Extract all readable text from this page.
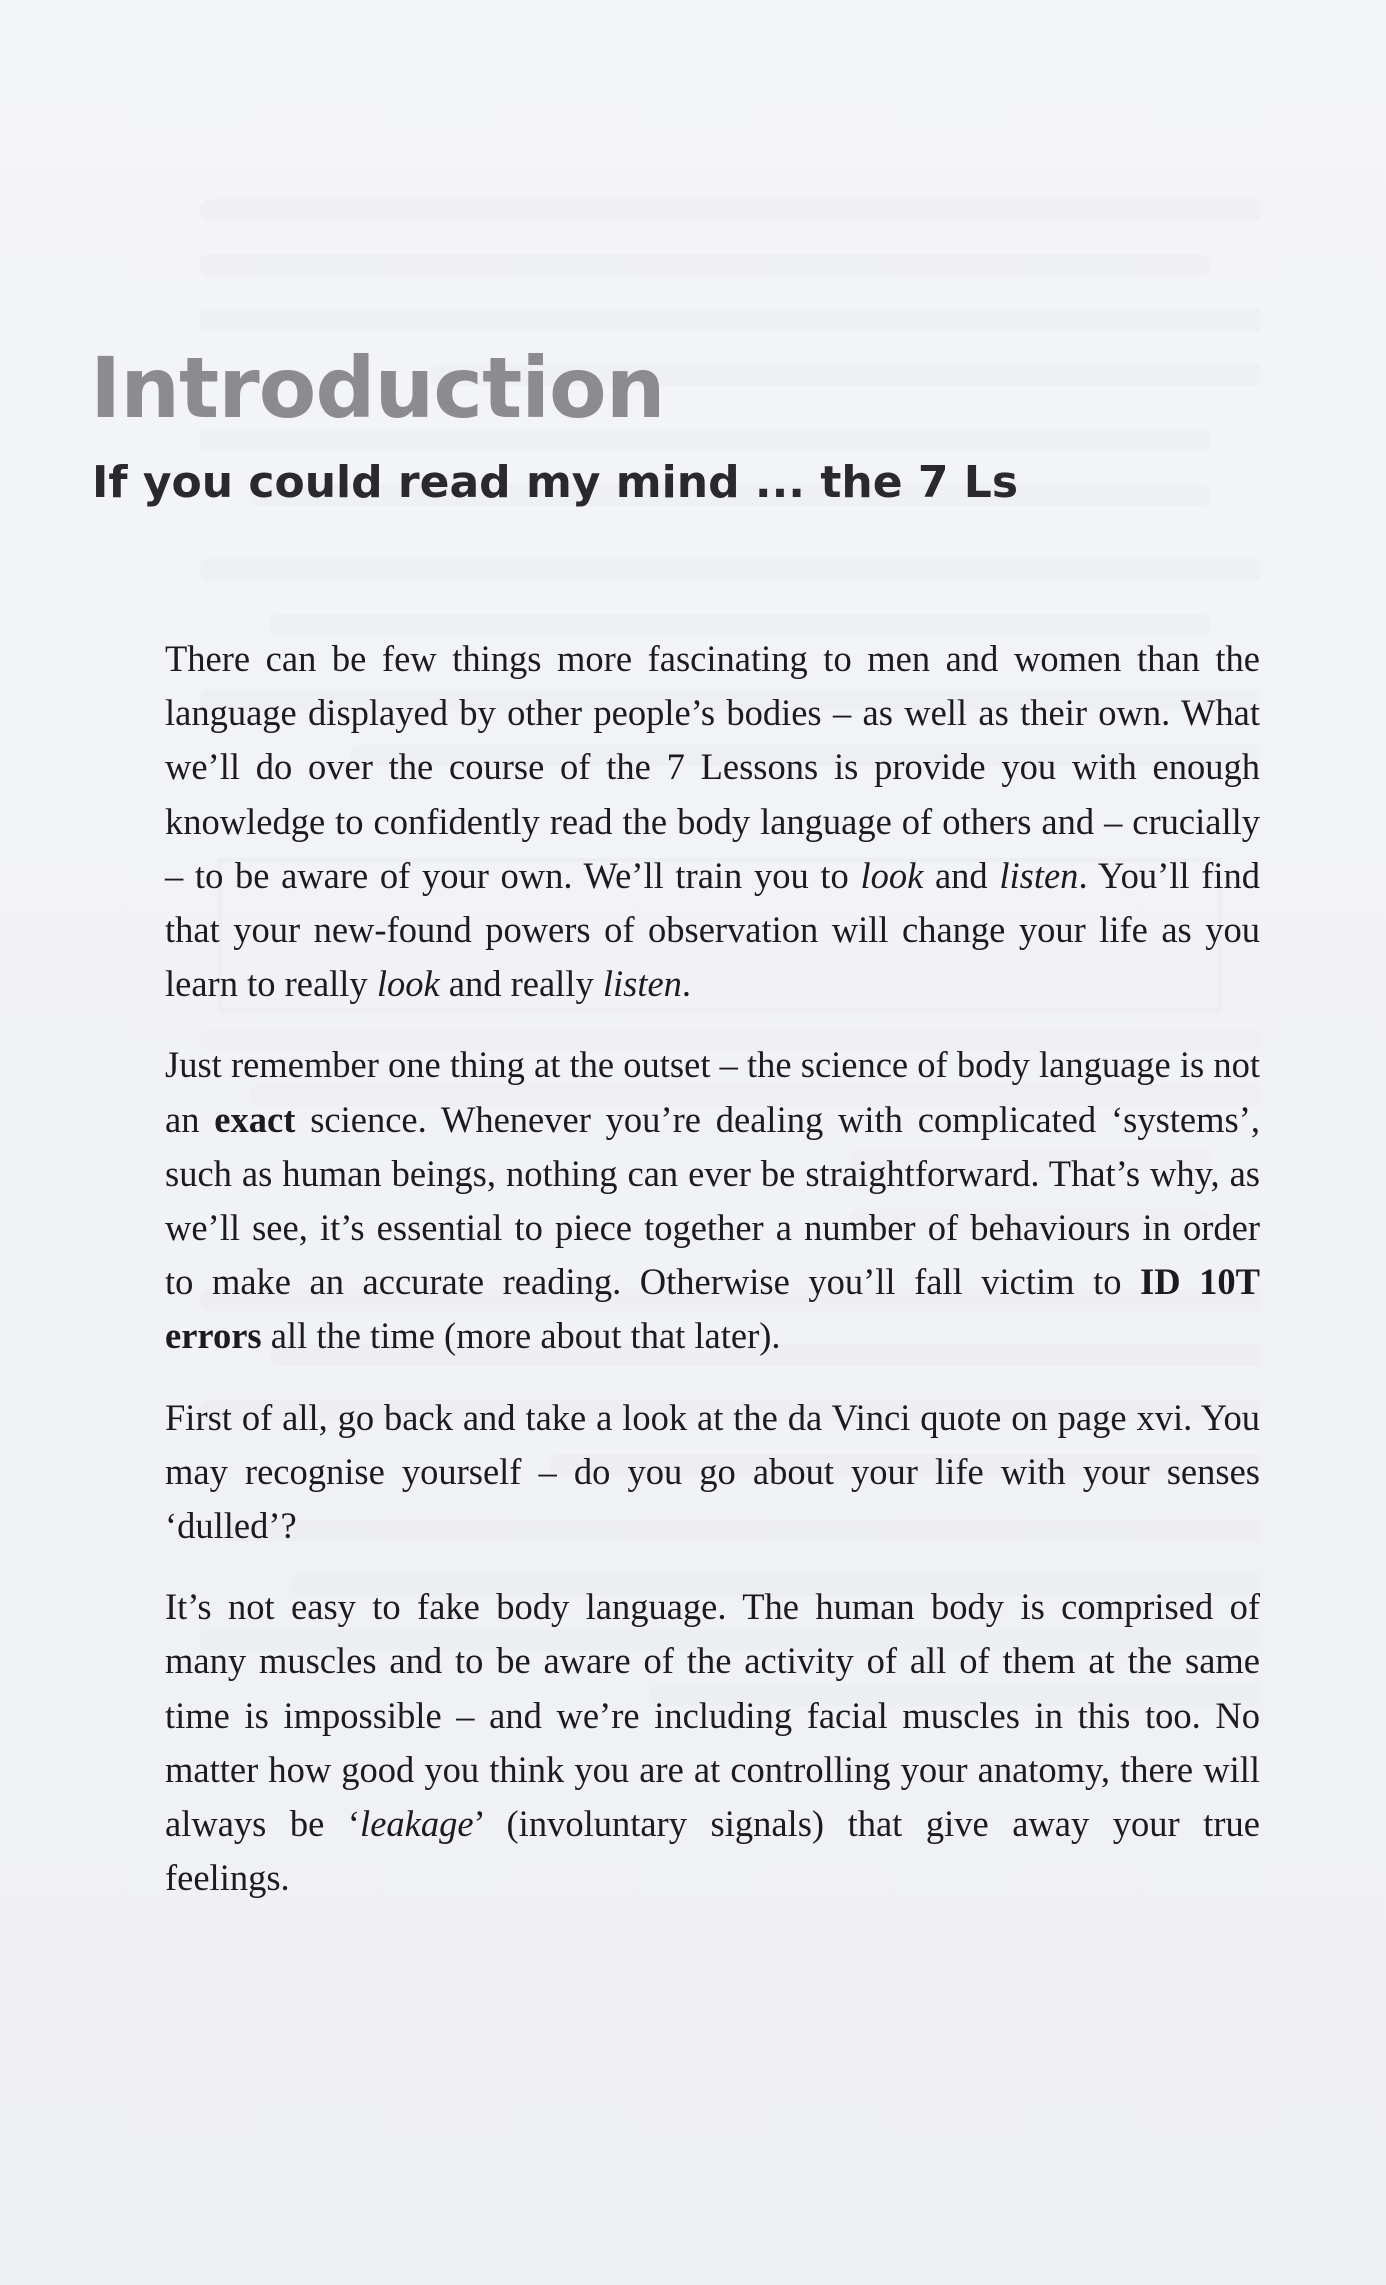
Introduction
If you could read my mind ... the 7 Ls

There can be few things more fascinating to men and women than the language displayed by other people’s bodies – as well as their own. What we’ll do over the course of the 7 Lessons is provide you with enough knowledge to confidently read the body language of others and – crucially – to be aware of your own. We’ll train you to look and listen. You’ll find that your new-found powers of observation will change your life as you learn to really look and really listen.

Just remember one thing at the outset – the science of body language is not an exact science. Whenever you’re dealing with complicated ‘systems’, such as human beings, nothing can ever be straightforward. That’s why, as we’ll see, it’s essential to piece together a number of behaviours in order to make an accurate reading. Otherwise you’ll fall victim to ID 10T errors all the time (more about that later).

First of all, go back and take a look at the da Vinci quote on page xvi. You may recognise yourself – do you go about your life with your senses ‘dulled’?

It’s not easy to fake body language. The human body is comprised of many muscles and to be aware of the activity of all of them at the same time is impossible – and we’re including facial muscles in this too. No matter how good you think you are at controlling your anatomy, there will always be ‘leakage’ (involuntary signals) that give away your true feelings.
